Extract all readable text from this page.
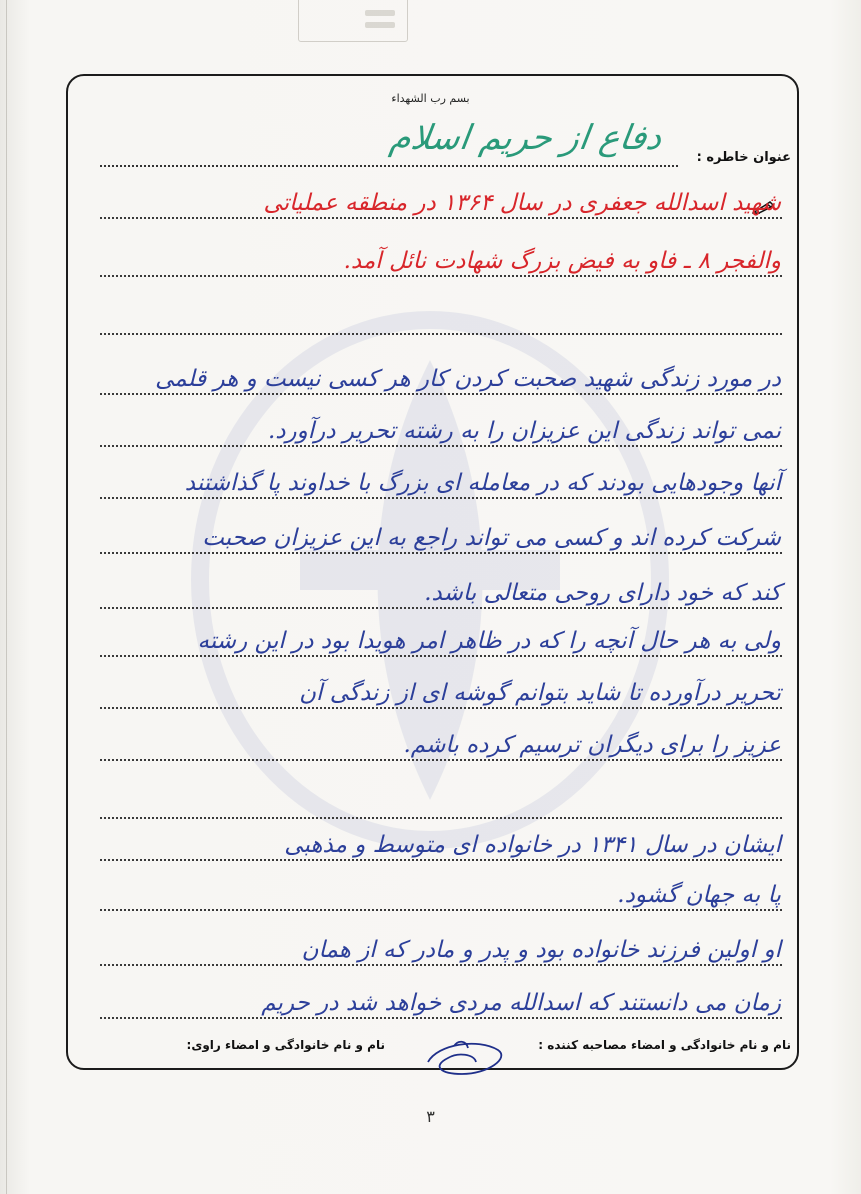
بسم رب الشهداء
دفاع از حریم اسلام	عنوان خاطره :
شهید اسدالله جعفری در سال ۱۳۶۴ در منطقه عملیاتی
والفجر ۸ ـ فاو به فیض بزرگ شهادت نائل آمد.
در مورد زندگی شهید صحبت کردن کار هر کسی نیست و هر قلمی
نمی تواند زندگی این عزیزان را به رشته تحریر درآورد.
آنها وجودهایی بودند که در معامله ای بزرگ با خداوند پا گذاشتند
شرکت کرده اند و کسی می تواند راجع به این عزیزان صحبت
کند که خود دارای روحی متعالی باشد.
ولی به هر حال آنچه را که در ظاهر امر هویدا بود در این رشته
تحریر درآورده تا شاید بتوانم گوشه ای از زندگی آن
عزیز را برای دیگران ترسیم کرده باشم.
ایشان در سال ۱۳۴۱ در خانواده ای متوسط و مذهبی
پا به جهان گشود.
او اولین فرزند خانواده بود و پدر و مادر که از همان
زمان می دانستند که اسدالله مردی خواهد شد در حریم
نام و نام خانوادگی و امضاء مصاحبه کننده :
نام و نام خانوادگی و امضاء راوی:
۳
